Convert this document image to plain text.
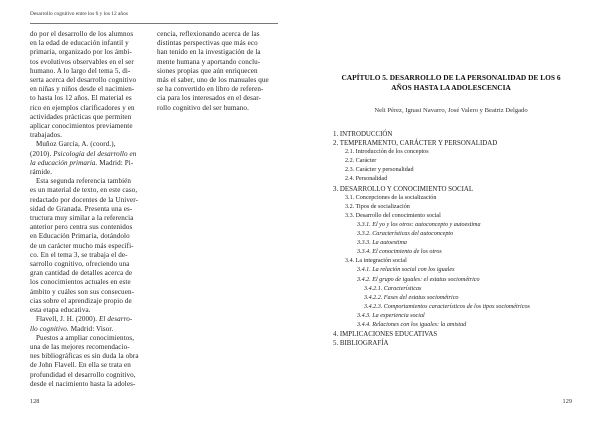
Desarrollo cognitivo entre los 6 y los 12 años
do por el desarrollo de los alumnos
en la edad de educación infantil y
primaria, organizado por los ámbi-
tos evolutivos observables en el ser
humano. A lo largo del tema 5, di-
serta acerca del desarrollo cognitivo
en niñas y niños desde el nacimien-
to hasta los 12 años. El material es
rico en ejemplos clarificadores y en
actividades prácticas que permiten
aplicar conocimientos previamente
trabajados.
Muñoz García, A. (coord.),
(2010). Psicología del desarrollo en
la educación primaria. Madrid: Pi-
rámide.
Esta segunda referencia también
es un material de texto, en este caso,
redactado por docentes de la Univer-
sidad de Granada. Presenta una es-
tructura muy similar a la referencia
anterior pero centra sus contenidos
en Educación Primaria, dotándolo
de un carácter mucho más específi-
co. En el tema 3, se trabaja el de-
sarrollo cognitivo, ofreciendo una
gran cantidad de detalles acerca de
los conocimientos actuales en este
ámbito y cuáles son sus consecuen-
cias sobre el aprendizaje propio de
esta etapa educativa.
Flavell, J. H. (2000). El desarro-
llo cognitivo. Madrid: Visor.
Puestos a ampliar conocimientos,
una de las mejores recomendacio-
nes bibliográficas es sin duda la obra
de John Flavell. En ella se trata en
profundidad el desarrollo cognitivo,
desde el nacimiento hasta la adoles-
cencia, reflexionando acerca de las
distintas perspectivas que más eco
han tenido en la investigación de la
mente humana y aportando conclu-
siones propias que aún enriquecen
más el saber, uno de los manuales que
se ha convertido en libro de referen-
cia para los interesados en el desar-
rollo cognitivo del ser humano.
128
CAPÍTULO 5. DESARROLLO DE LA PERSONALIDAD DE LOS 6
AÑOS HASTA LA ADOLESCENCIA
Neli Pérez, Ignasi Navarro, José Valero y Beatriz Delgado
1. INTRODUCCIÓN
2. TEMPERAMENTO, CARÁCTER Y PERSONALIDAD
2.1. Introducción de los conceptos
2.2. Carácter
2.3. Carácter y personalidad
2.4. Personalidad
3. DESARROLLO Y CONOCIMIENTO SOCIAL
3.1. Concepciones de la socialización
3.2. Tipos de socialización
3.3. Desarrollo del conocimiento social
3.3.1. El yo y los otros: autoconcepto y autoestima
3.3.2. Características del autoconcepto
3.3.3. La autoestima
3.3.4. El conocimiento de los otros
3.4. La integración social
3.4.1. La relación social con los iguales
3.4.2. El grupo de iguales: el estatus sociométrico
3.4.2.1. Características
3.4.2.2. Fases del estatus sociométrico
3.4.2.3. Comportamientos característicos de los tipos sociométricos
3.4.3. La experiencia social
3.4.4. Relaciones con los iguales: la amistad
4. IMPLICACIONES EDUCATIVAS
5. BIBLIOGRAFÍA
129
